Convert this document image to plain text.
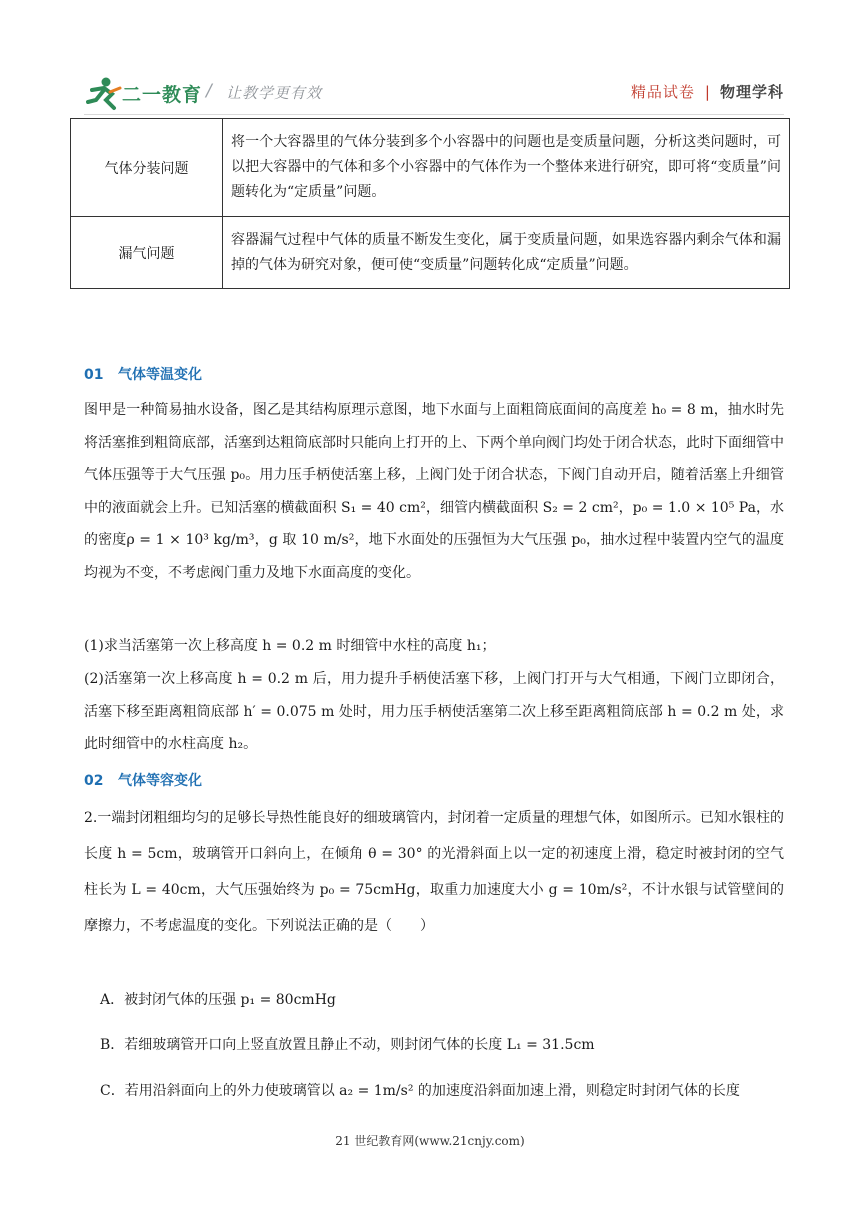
二一教育 / 让教学更有效	精品试卷 | 物理学科
气体分装问题	将一个大容器里的气体分装到多个小容器中的问题也是变质量问题，分析这类问题时，可以把大容器中的气体和多个小容器中的气体作为一个整体来进行研究，即可将“变质量”问题转化为“定质量”问题。
漏气问题	容器漏气过程中气体的质量不断发生变化，属于变质量问题，如果选容器内剩余气体和漏掉的气体为研究对象，便可使“变质量”问题转化成“定质量”问题。
01 气体等温变化

图甲是一种简易抽水设备，图乙是其结构原理示意图，地下水面与上面粗筒底面间的高度差 h₀ = 8 m，抽水时先将活塞推到粗筒底部，活塞到达粗筒底部时只能向上打开的上、下两个单向阀门均处于闭合状态，此时下面细管中气体压强等于大气压强 p₀。用力压手柄使活塞上移，上阀门处于闭合状态，下阀门自动开启，随着活塞上升细管中的液面就会上升。已知活塞的横截面积 S₁ = 40 cm²，细管内横截面积 S₂ = 2 cm²，p₀ = 1.0 × 10⁵ Pa，水的密度ρ = 1 × 10³ kg/m³，g 取 10 m/s²，地下水面处的压强恒为大气压强 p₀，抽水过程中装置内空气的温度均视为不变，不考虑阀门重力及地下水面高度的变化。

(1)求当活塞第一次上移高度 h = 0.2 m 时细管中水柱的高度 h₁；

(2)活塞第一次上移高度 h = 0.2 m 后，用力提升手柄使活塞下移，上阀门打开与大气相通，下阀门立即闭合，活塞下移至距离粗筒底部 h′ = 0.075 m 处时，用力压手柄使活塞第二次上移至距离粗筒底部 h = 0.2 m 处，求此时细管中的水柱高度 h₂。

02 气体等容变化

2.一端封闭粗细均匀的足够长导热性能良好的细玻璃管内，封闭着一定质量的理想气体，如图所示。已知水银柱的长度 h = 5cm，玻璃管开口斜向上，在倾角 θ = 30° 的光滑斜面上以一定的初速度上滑，稳定时被封闭的空气柱长为 L = 40cm，大气压强始终为 p₀ = 75cmHg，取重力加速度大小 g = 10m/s²，不计水银与试管壁间的摩擦力，不考虑温度的变化。下列说法正确的是（　　）

A．被封闭气体的压强 p₁ = 80cmHg
B．若细玻璃管开口向上竖直放置且静止不动，则封闭气体的长度 L₁ = 31.5cm
C．若用沿斜面向上的外力使玻璃管以 a₂ = 1m/s² 的加速度沿斜面加速上滑，则稳定时封闭气体的长度
21 世纪教育网(www.21cnjy.com)
